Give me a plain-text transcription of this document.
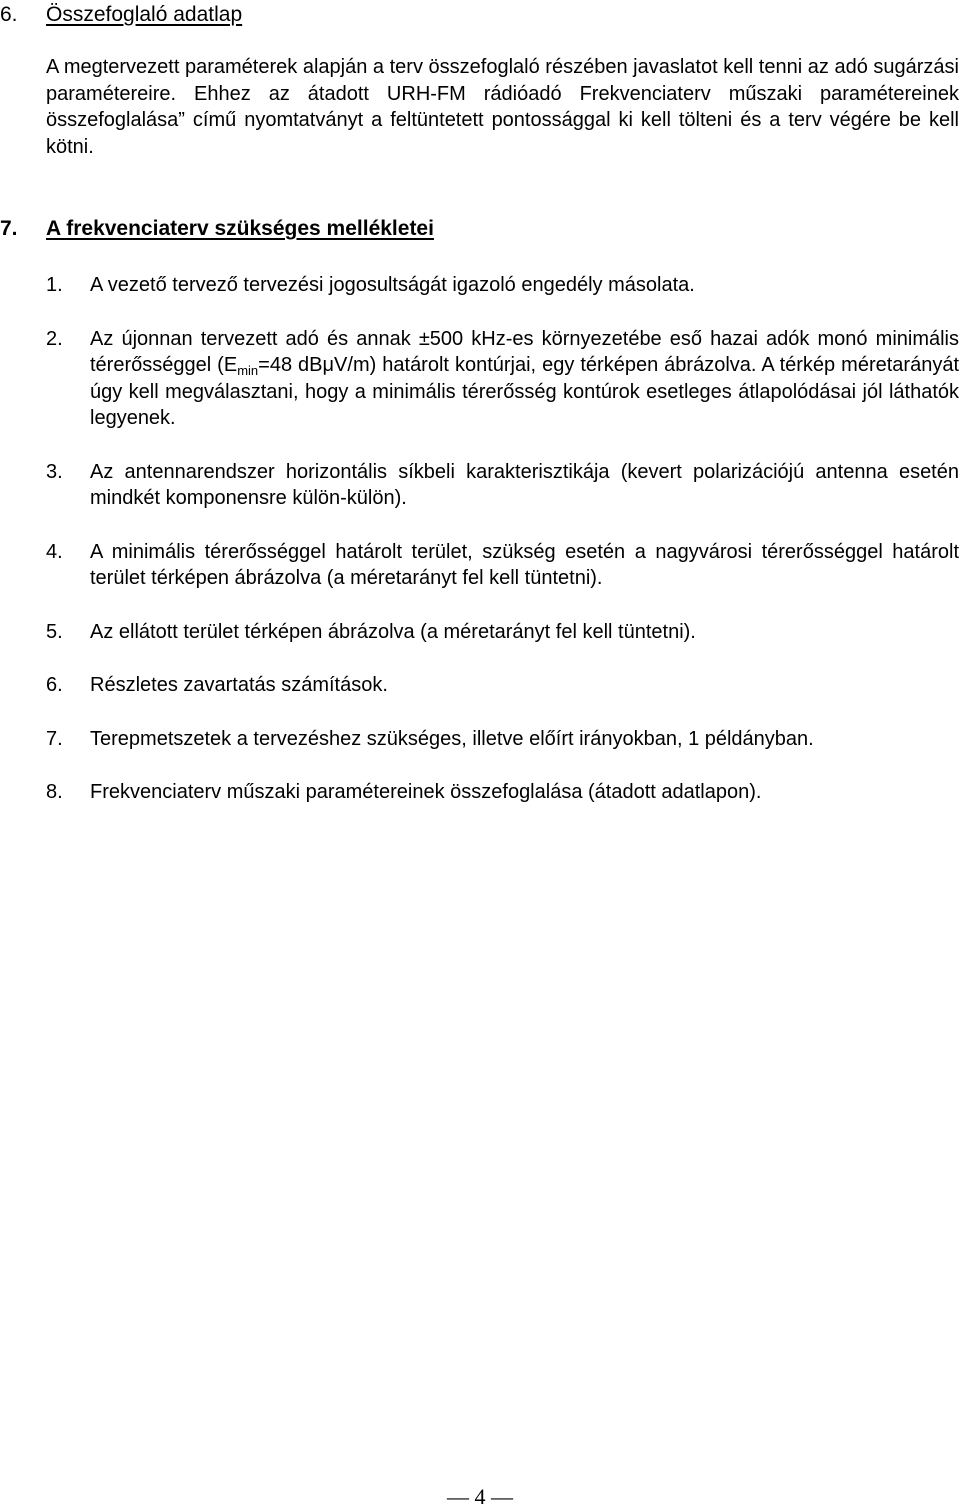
6. Összefoglaló adatlap

A megtervezett paraméterek alapján a terv összefoglaló részében javaslatot kell tenni az adó sugárzási paramétereire. Ehhez az átadott URH-FM rádióadó Frekvenciaterv műszaki paramétereinek összefoglalása” című nyomtatványt a feltüntetett pontossággal ki kell tölteni és a terv végére be kell kötni.

7. A frekvenciaterv szükséges mellékletei
1. A vezető tervező tervezési jogosultságát igazoló engedély másolata.
2. Az újonnan tervezett adó és annak ±500 kHz-es környezetébe eső hazai adók monó minimális térerősséggel ($E_{min}=48$ dBμV/m) határolt kontúrjai, egy térképen ábrázolva. A térkép méretarányát úgy kell megválasztani, hogy a minimális térerősség kontúrok esetleges átlapolódásai jól láthatók legyenek.
3. Az antennarendszer horizontális síkbeli karakterisztikája (kevert polarizációjú antenna esetén mindkét komponensre külön-külön).
4. A minimális térerősséggel határolt terület, szükség esetén a nagyvárosi térerősséggel határolt terület térképen ábrázolva (a méretarányt fel kell tüntetni).
5. Az ellátott terület térképen ábrázolva (a méretarányt fel kell tüntetni).
6. Részletes zavartatás számítások.
7. Terepmetszetek a tervezéshez szükséges, illetve előírt irányokban, 1 példányban.
8. Frekvenciaterv műszaki paramétereinek összefoglalása (átadott adatlapon).
— 4 —
